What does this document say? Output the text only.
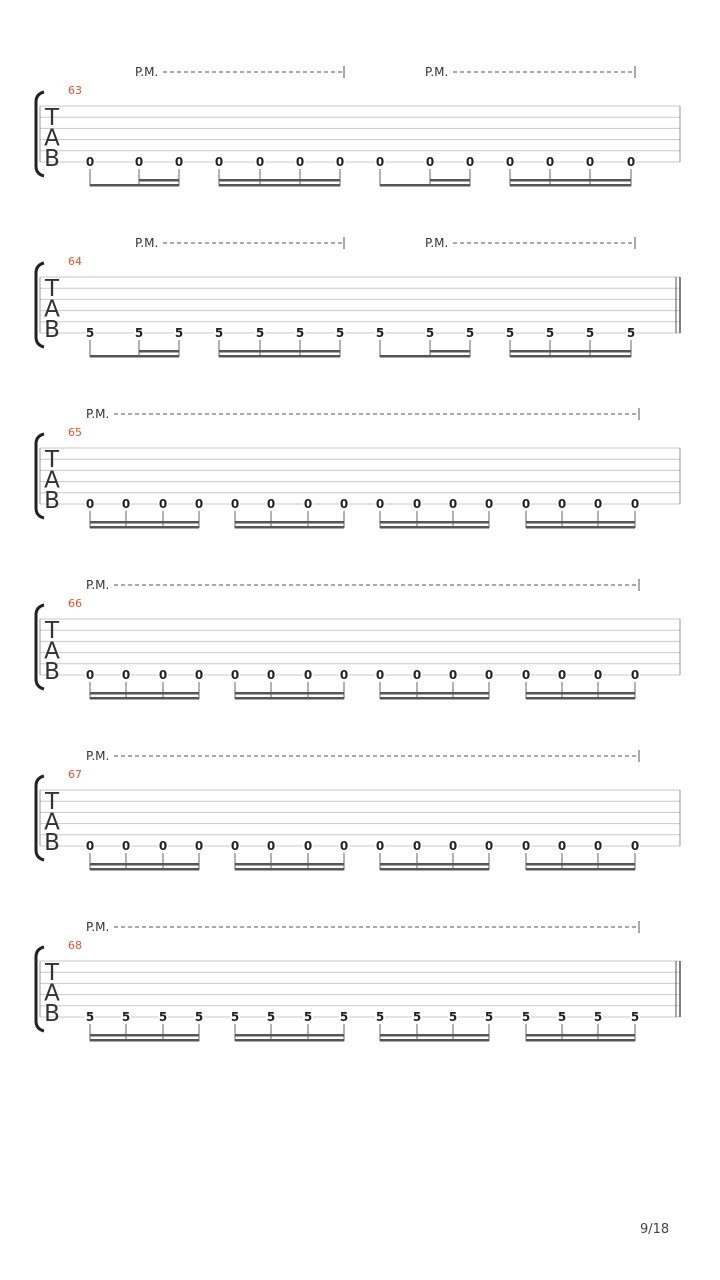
P.M.	P.M.
63
T
A
B 0	0	0	0	0	0	0	0	0	0	0	0	0	0
P.M.	P.M.
64
T
A
B 5	5	5	5	5	5	5	5	5	5	5	5	5	5
P.M.
65
T
A
B 0 0 0 0 0 0 0 0 0 0 0 0 0 0 0 0
P.M.
66
T
A
B 0 0 0 0 0 0 0 0 0 0 0 0 0 0 0 0
P.M.
67
T
A
B 0 0 0 0 0 0 0 0 0 0 0 0 0 0 0 0
P.M.
68
T
A
B 5 5 5 5 5 5 5 5 5 5 5 5 5 5 5 5
9/18
